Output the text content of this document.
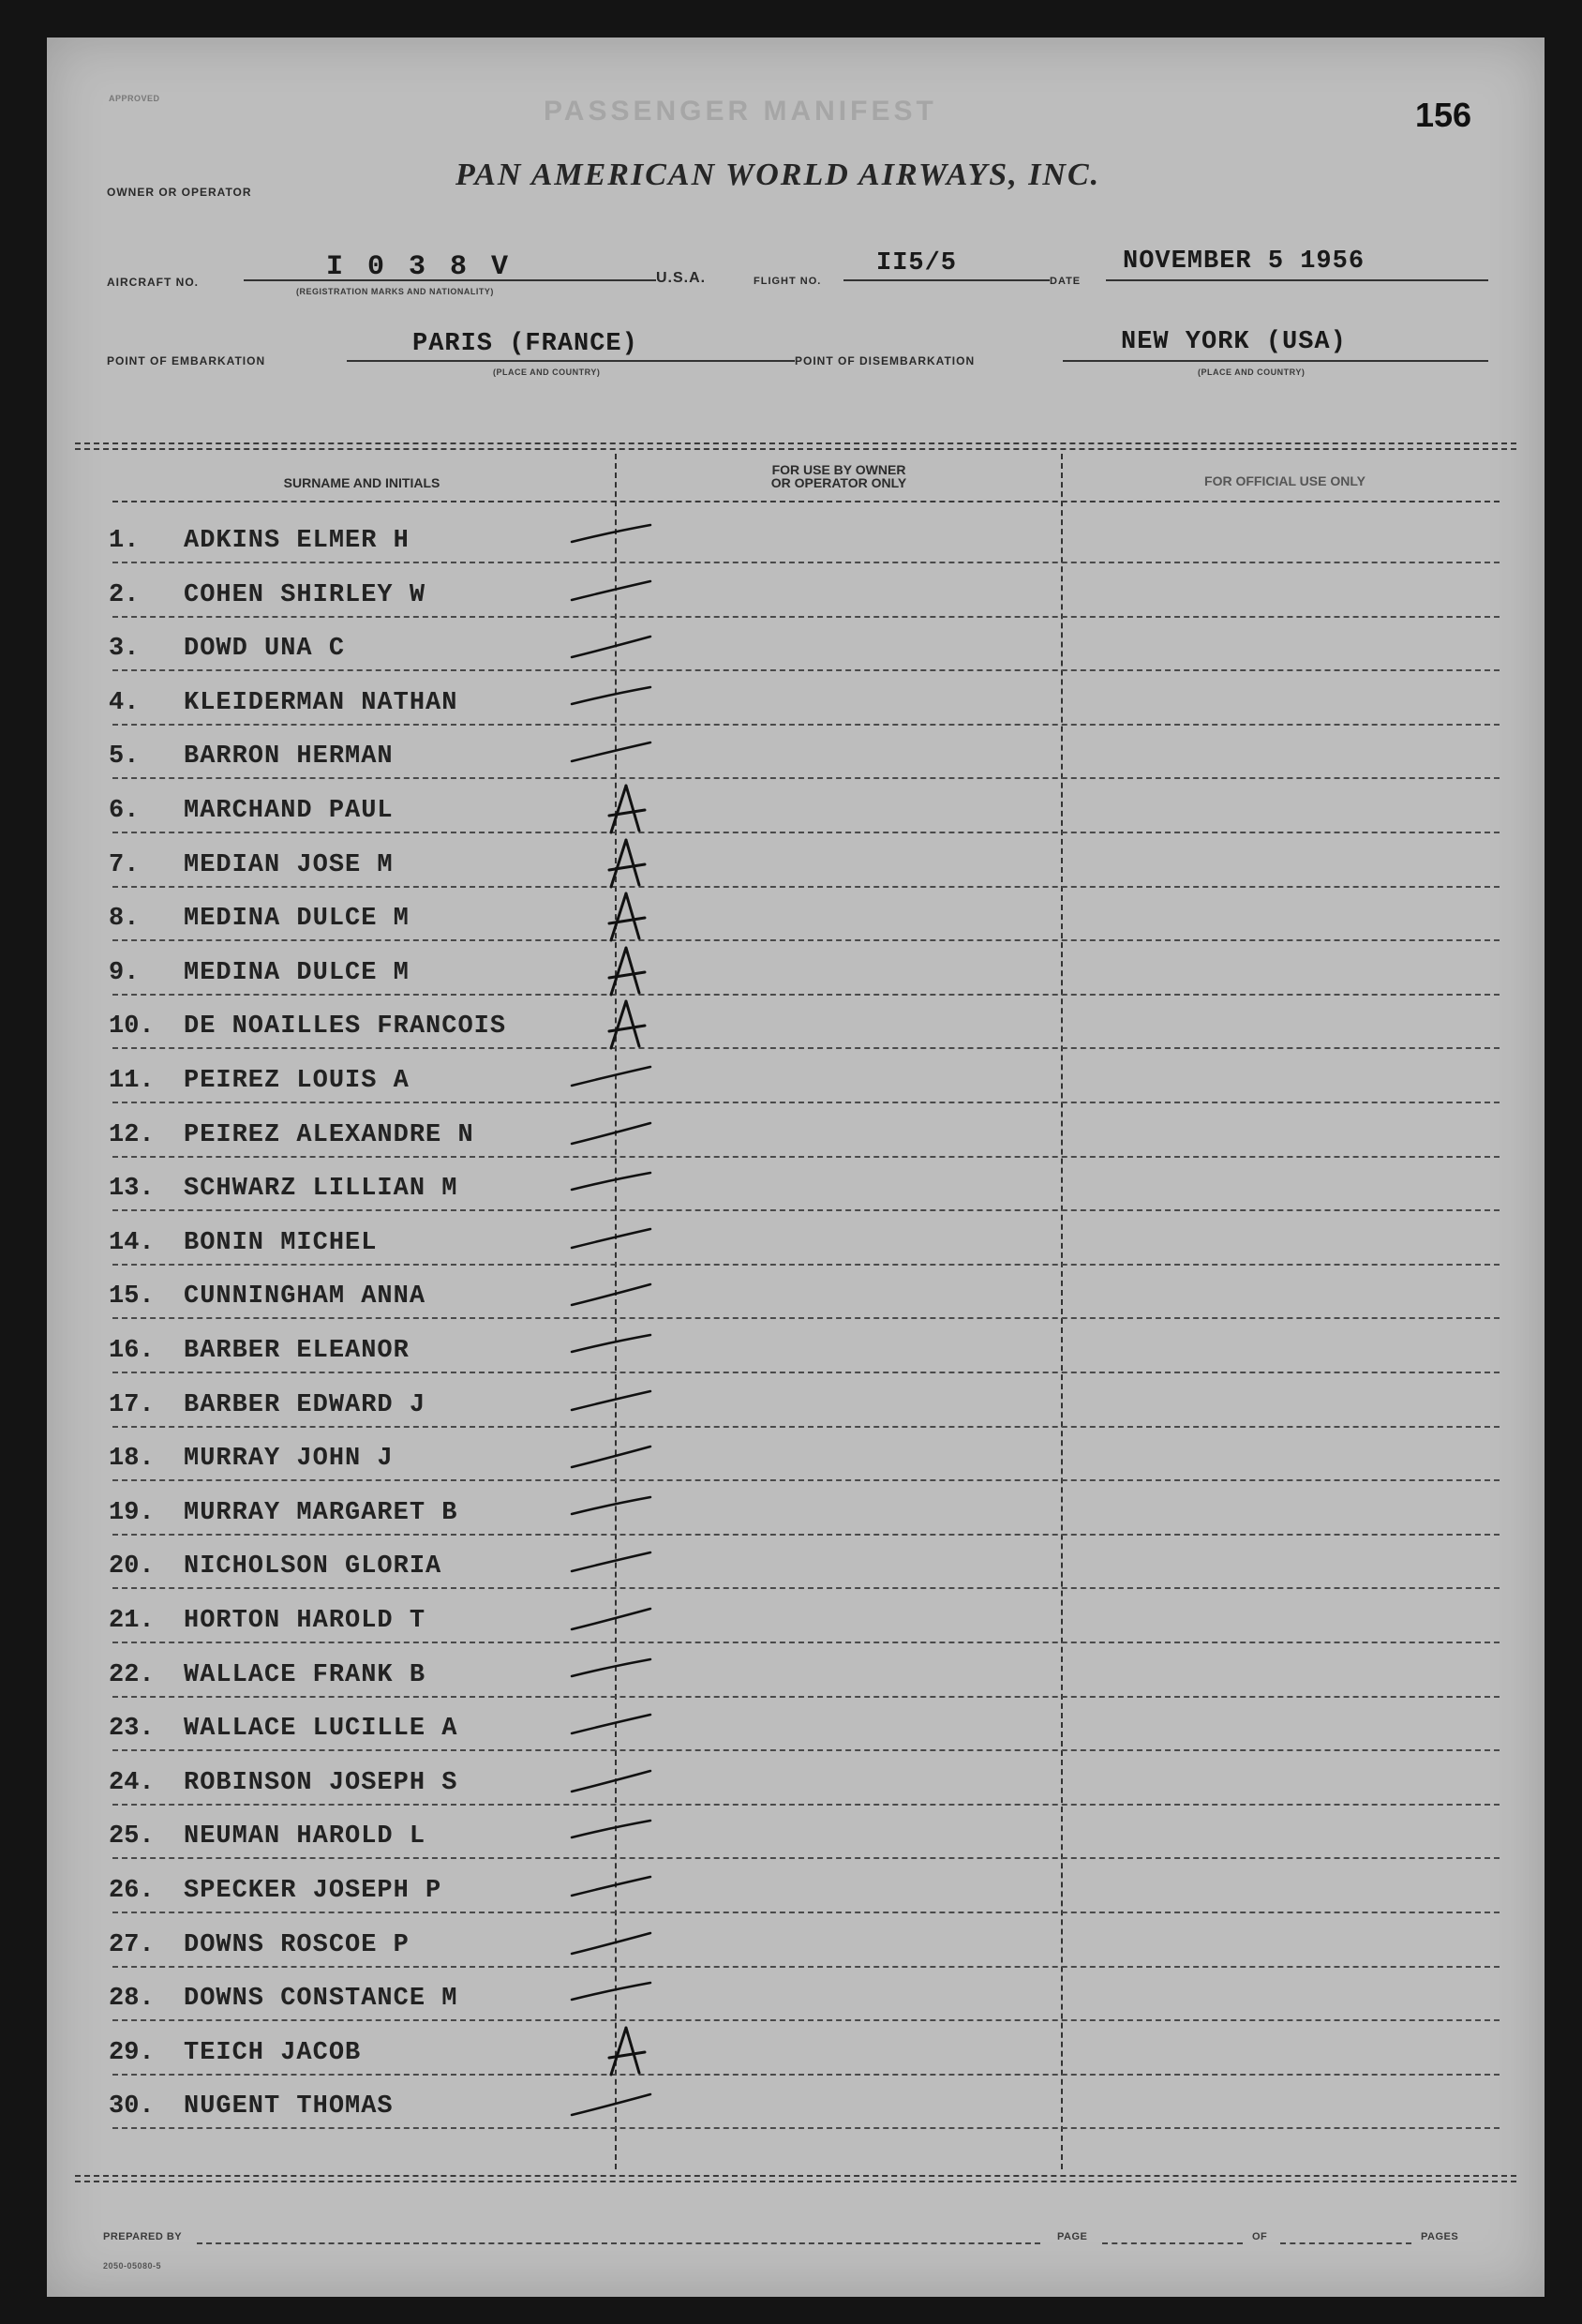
APPROVED	PASSENGER MANIFEST	156
OWNER OR OPERATOR	PAN AMERICAN WORLD AIRWAYS, INC.
AIRCRAFT NO.	I 0 3 8 V
(REGISTRATION MARKS AND NATIONALITY)
U.S.A.	FLIGHT NO.
II5/5
DATE
NOVEMBER 5 1956
POINT OF EMBARKATION
PARIS (FRANCE)
(PLACE AND COUNTRY)
POINT OF DISEMBARKATION
NEW YORK (USA)
(PLACE AND COUNTRY)
SURNAME AND INITIALS
FOR USE BY OWNER
OR OPERATOR ONLY	FOR OFFICIAL USE ONLY
1.	ADKINS ELMER H
2.	COHEN SHIRLEY W
3.	DOWD UNA C
4.	KLEIDERMAN NATHAN
5.	BARRON HERMAN
6.	MARCHAND PAUL
7.	MEDIAN JOSE M
8.	MEDINA DULCE M
9.	MEDINA DULCE M
10.	DE NOAILLES FRANCOIS
11.	PEIREZ LOUIS A
12.	PEIREZ ALEXANDRE N
13.	SCHWARZ LILLIAN M
14.	BONIN MICHEL
15.	CUNNINGHAM ANNA
16.	BARBER ELEANOR
17.	BARBER EDWARD J
18.	MURRAY JOHN J
19.	MURRAY MARGARET B
20.	NICHOLSON GLORIA
21.	HORTON HAROLD T
22.	WALLACE FRANK B
23.	WALLACE LUCILLE A
24.	ROBINSON JOSEPH S
25.	NEUMAN HAROLD L
26.	SPECKER JOSEPH P
27.	DOWNS ROSCOE P
28.	DOWNS CONSTANCE M
29.	TEICH JACOB
30.	NUGENT THOMAS
PREPARED BY	PAGE	OF	PAGES
2050-05080-5
